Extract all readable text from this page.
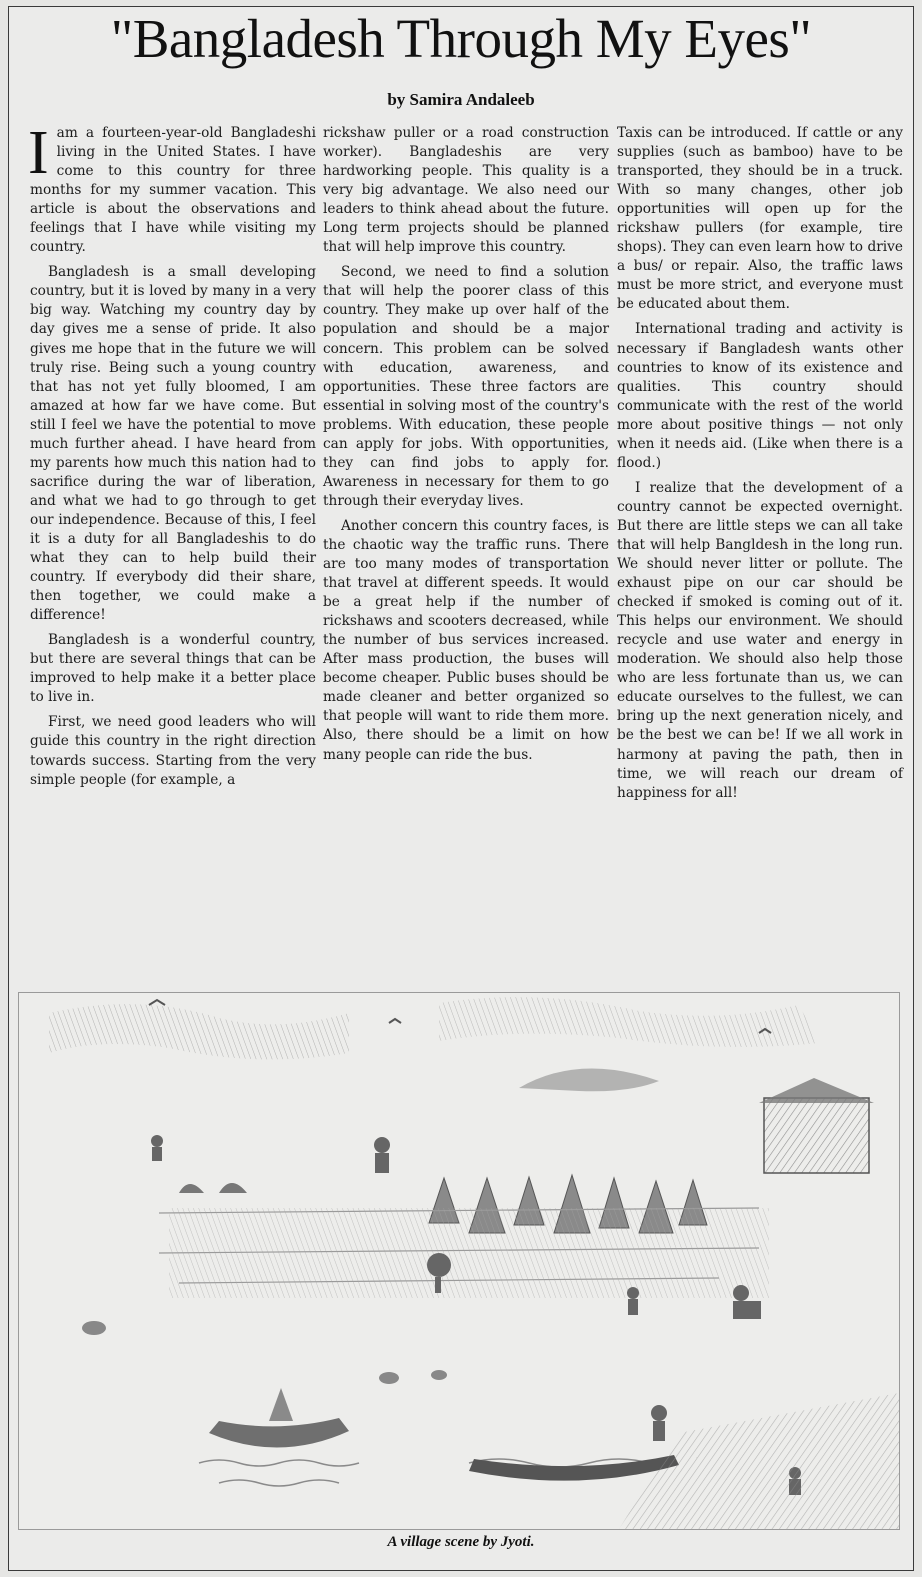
"Bangladesh Through My Eyes"
by Samira Andaleeb

Iam a fourteen-year-old Bangladeshi living in the United States. I have come to this country for three months for my summer vacation. This article is about the observations and feelings that I have while visiting my country.

Bangladesh is a small developing country, but it is loved by many in a very big way. Watching my country day by day gives me a sense of pride. It also gives me hope that in the future we will truly rise. Being such a young country that has not yet fully bloomed, I am amazed at how far we have come. But still I feel we have the potential to move much further ahead. I have heard from my parents how much this nation had to sacrifice during the war of liberation, and what we had to go through to get our independence. Because of this, I feel it is a duty for all Bangladeshis to do what they can to help build their country. If everybody did their share, then together, we could make a difference!

Bangladesh is a wonderful country, but there are several things that can be improved to help make it a better place to live in.

First, we need good leaders who will guide this country in the right direction towards success. Starting from the very simple people (for example, a

rickshaw puller or a road construction worker). Bangladeshis are very hardworking people. This quality is a very big advantage. We also need our leaders to think ahead about the future. Long term projects should be planned that will help improve this country.

Second, we need to find a solution that will help the poorer class of this country. They make up over half of the population and should be a major concern. This problem can be solved with education, awareness, and opportunities. These three factors are essential in solving most of the country's problems. With education, these people can apply for jobs. With opportunities, they can find jobs to apply for. Awareness in necessary for them to go through their everyday lives.

Another concern this country faces, is the chaotic way the traffic runs. There are too many modes of transportation that travel at different speeds. It would be a great help if the number of rickshaws and scooters decreased, while the number of bus services increased. After mass production, the buses will become cheaper. Public buses should be made cleaner and better organized so that people will want to ride them more. Also, there should be a limit on how many people can ride the bus.

Taxis can be introduced. If cattle or any supplies (such as bamboo) have to be transported, they should be in a truck. With so many changes, other job opportunities will open up for the rickshaw pullers (for example, tire shops). They can even learn how to drive a bus/ or repair. Also, the traffic laws must be more strict, and everyone must be educated about them.

International trading and activity is necessary if Bangladesh wants other countries to know of its existence and qualities. This country should communicate with the rest of the world more about positive things — not only when it needs aid. (Like when there is a flood.)

I realize that the development of a country cannot be expected overnight. But there are little steps we can all take that will help Bangldesh in the long run. We should never litter or pollute. The exhaust pipe on our car should be checked if smoked is coming out of it. This helps our environment. We should recycle and use water and energy in moderation. We should also help those who are less fortunate than us, we can educate ourselves to the fullest, we can bring up the next generation nicely, and be the best we can be! If we all work in harmony at paving the path, then in time, we will reach our dream of happiness for all!

A village scene by Jyoti.
